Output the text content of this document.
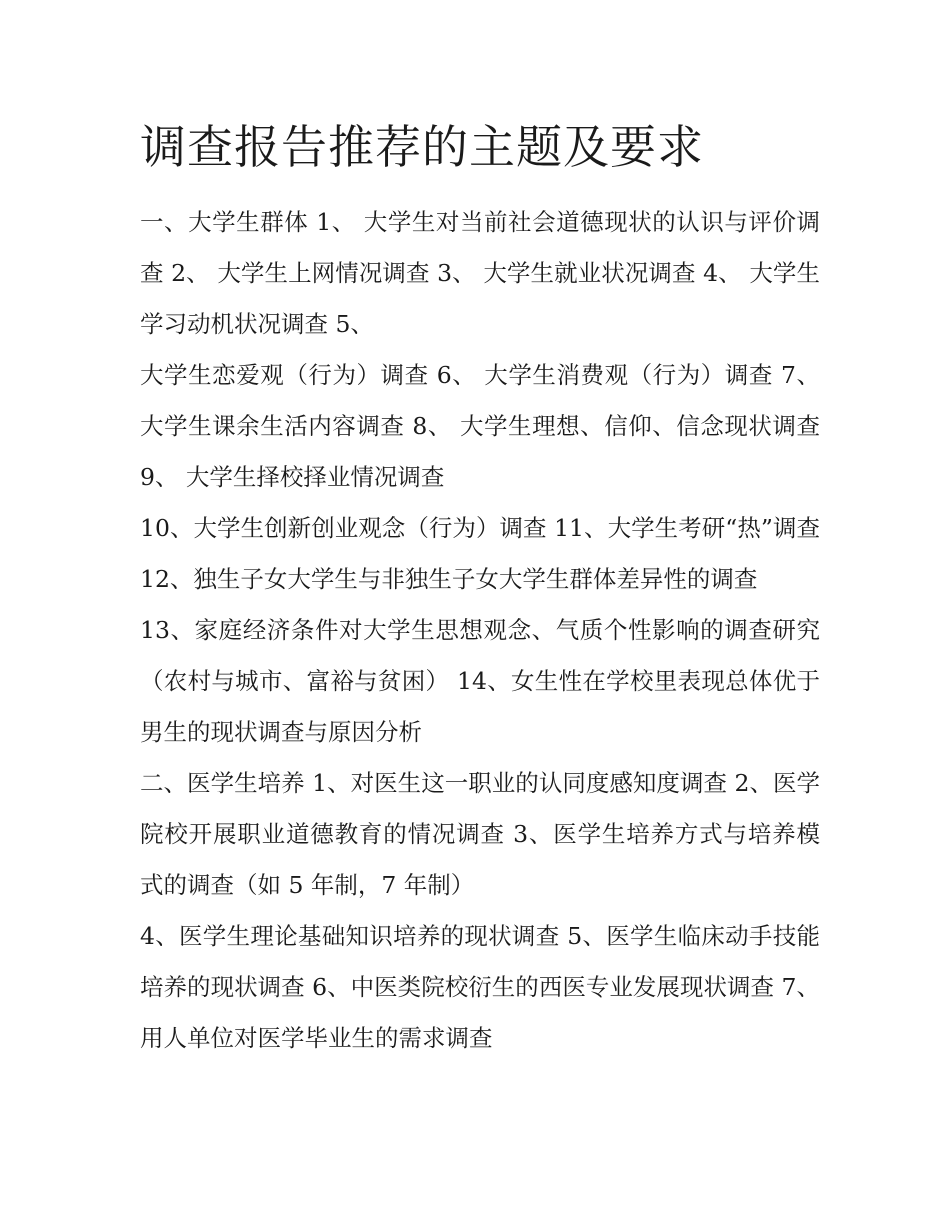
调查报告推荐的主题及要求

一、大学生群体 1、 大学生对当前社会道德现状的认识与评价调查 2、 大学生上网情况调查 3、 大学生就业状况调查 4、 大学生学习动机状况调查 5、

大学生恋爱观（行为）调查 6、 大学生消费观（行为）调查 7、 大学生课余生活内容调查 8、 大学生理想、信仰、信念现状调查 9、 大学生择校择业情况调查

10、大学生创新创业观念（行为）调查 11、大学生考研“热”调查 12、独生子女大学生与非独生子女大学生群体差异性的调查

13、家庭经济条件对大学生思想观念、气质个性影响的调查研究（农村与城市、富裕与贫困） 14、女生性在学校里表现总体优于男生的现状调查与原因分析

二、医学生培养 1、对医生这一职业的认同度感知度调查 2、医学院校开展职业道德教育的情况调查 3、医学生培养方式与培养模式的调查（如 5 年制，7 年制）

4、医学生理论基础知识培养的现状调查 5、医学生临床动手技能培养的现状调查 6、中医类院校衍生的西医专业发展现状调查 7、用人单位对医学毕业生的需求调查
